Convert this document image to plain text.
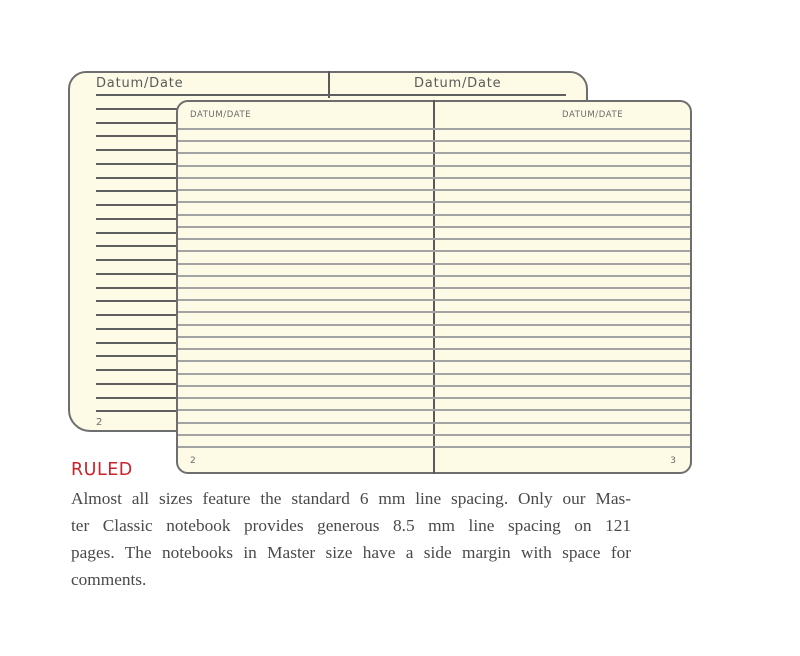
Datum/Date	Datum/Date
2
DATUM/DATE	DATUM/DATE
2	3
RULED
Almost all sizes feature the standard 6 mm line spacing. Only our Mas-
ter Classic notebook provides generous 8.5 mm line spacing on 121
pages. The notebooks in Master size have a side margin with space for
comments.
